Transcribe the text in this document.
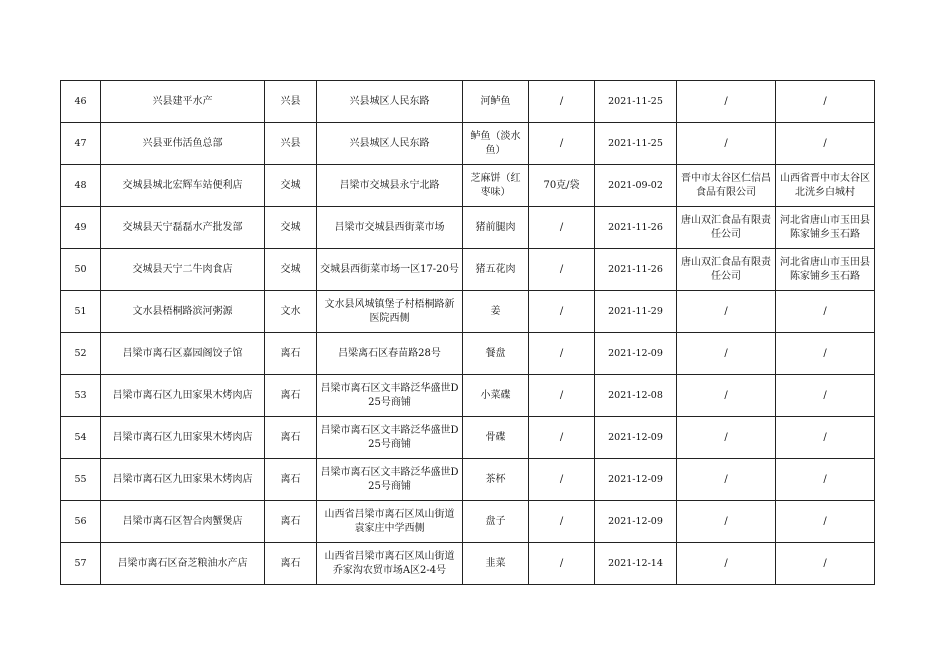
46	兴县建平水产	兴县	兴县城区人民东路	河鲈鱼	/	2021-11-25	/	/
47	兴县亚伟活鱼总部	兴县	兴县城区人民东路	鲈鱼（淡水鱼）	/	2021-11-25	/	/
48	交城县城北宏辉车站便利店	交城	吕梁市交城县永宁北路	芝麻饼（红枣味）	70克/袋	2021-09-02	晋中市太谷区仁信昌食品有限公司	山西省晋中市太谷区北洸乡白城村
49	交城县天宁磊磊水产批发部	交城	吕梁市交城县西街菜市场	猪前腿肉	/	2021-11-26	唐山双汇食品有限责任公司	河北省唐山市玉田县陈家铺乡玉石路
50	交城县天宁二牛肉食店	交城	交城县西街菜市场一区17-20号	猪五花肉	/	2021-11-26	唐山双汇食品有限责任公司	河北省唐山市玉田县陈家铺乡玉石路
51	文水县梧桐路滨河粥源	文水	文水县风城镇堡子村梧桐路新医院西侧	姜	/	2021-11-29	/	/
52	吕梁市离石区嘉园阁饺子馆	离石	吕梁离石区春苗路28号	餐盘	/	2021-12-09	/	/
53	吕梁市离石区九田家果木烤肉店	离石	吕梁市离石区文丰路泛华盛世D25号商铺	小菜碟	/	2021-12-08	/	/
54	吕梁市离石区九田家果木烤肉店	离石	吕梁市离石区文丰路泛华盛世D25号商铺	骨碟	/	2021-12-09	/	/
55	吕梁市离石区九田家果木烤肉店	离石	吕梁市离石区文丰路泛华盛世D25号商铺	茶杯	/	2021-12-09	/	/
56	吕梁市离石区智合肉蟹煲店	离石	山西省吕梁市离石区凤山街道袁家庄中学西侧	盘子	/	2021-12-09	/	/
57	吕梁市离石区奋芝粮油水产店	离石	山西省吕梁市离石区凤山街道乔家沟农贸市场A区2-4号	韭菜	/	2021-12-14	/	/
